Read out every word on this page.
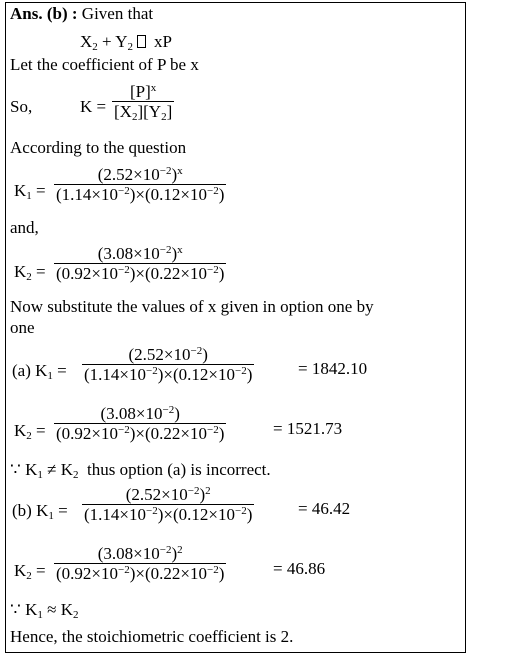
Ans. (b) : Given that
$X_2 + Y_2$ xP
Let the coefficient of P be x
So,	K =
$[P]^x$
$[X_2][Y_2]$
According to the question
$K_1$ =
$(2.52\times 10^{-2})^x$
$(1.14\times 10^{-2})\times(0.12\times 10^{-2})$
and,
$K_2$ =
$(3.08\times 10^{-2})^x$
$(0.92\times 10^{-2})\times(0.22\times 10^{-2})$
Now substitute the values of x given in option one by
one
(a) $K_1$ =
$(2.52\times 10^{-2})$
$(1.14\times 10^{-2})\times(0.12\times 10^{-2})$	= 1842.10
$K_2$ =
$(3.08\times 10^{-2})$
$(0.92\times 10^{-2})\times(0.22\times 10^{-2})$	= 1521.73
∵ $K_1 \ne K_2$ thus option (a) is incorrect.
(b) $K_1$ =
$(2.52\times 10^{-2})^2$
$(1.14\times 10^{-2})\times(0.12\times 10^{-2})$	= 46.42
$K_2$ =
$(3.08\times 10^{-2})^2$
$(0.92\times 10^{-2})\times(0.22\times 10^{-2})$	= 46.86
∵ $K_1 \approx K_2$
Hence, the stoichiometric coefficient is 2.
